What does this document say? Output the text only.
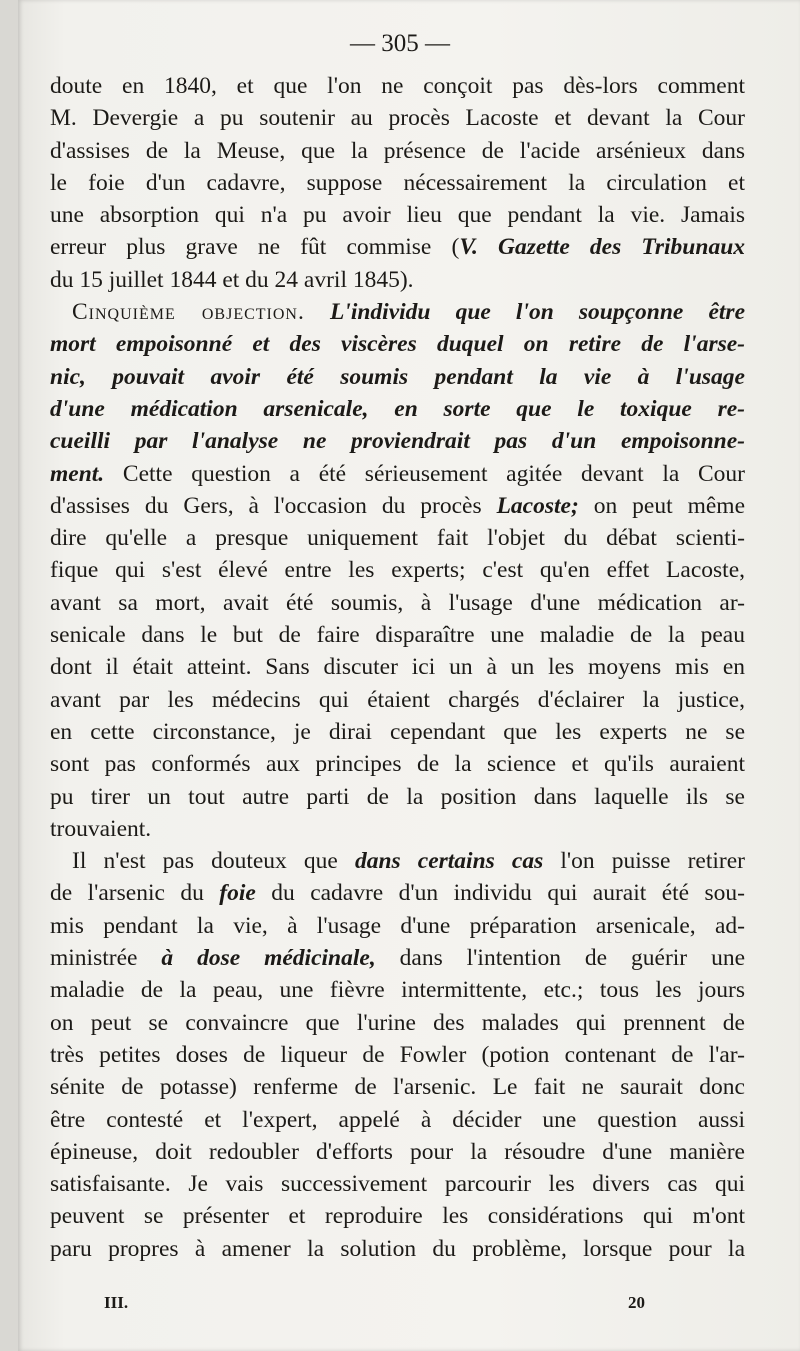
— 305 —
doute en 1840, et que l'on ne conçoit pas dès-lors comment
M. Devergie a pu soutenir au procès Lacoste et devant la Cour
d'assises de la Meuse, que la présence de l'acide arsénieux dans
le foie d'un cadavre, suppose nécessairement la circulation et
une absorption qui n'a pu avoir lieu que pendant la vie. Jamais
erreur plus grave ne fût commise (V. Gazette des Tribunaux
du 15 juillet 1844 et du 24 avril 1845).
Cinquième objection. L'individu que l'on soupçonne être
mort empoisonné et des viscères duquel on retire de l'arse-
nic, pouvait avoir été soumis pendant la vie à l'usage
d'une médication arsenicale, en sorte que le toxique re-
cueilli par l'analyse ne proviendrait pas d'un empoisonne-
ment. Cette question a été sérieusement agitée devant la Cour
d'assises du Gers, à l'occasion du procès Lacoste; on peut même
dire qu'elle a presque uniquement fait l'objet du débat scienti-
fique qui s'est élevé entre les experts; c'est qu'en effet Lacoste,
avant sa mort, avait été soumis, à l'usage d'une médication ar-
senicale dans le but de faire disparaître une maladie de la peau
dont il était atteint. Sans discuter ici un à un les moyens mis en
avant par les médecins qui étaient chargés d'éclairer la justice,
en cette circonstance, je dirai cependant que les experts ne se
sont pas conformés aux principes de la science et qu'ils auraient
pu tirer un tout autre parti de la position dans laquelle ils se
trouvaient.
Il n'est pas douteux que dans certains cas l'on puisse retirer
de l'arsenic du foie du cadavre d'un individu qui aurait été sou-
mis pendant la vie, à l'usage d'une préparation arsenicale, ad-
ministrée à dose médicinale, dans l'intention de guérir une
maladie de la peau, une fièvre intermittente, etc.; tous les jours
on peut se convaincre que l'urine des malades qui prennent de
très petites doses de liqueur de Fowler (potion contenant de l'ar-
sénite de potasse) renferme de l'arsenic. Le fait ne saurait donc
être contesté et l'expert, appelé à décider une question aussi
épineuse, doit redoubler d'efforts pour la résoudre d'une manière
satisfaisante. Je vais successivement parcourir les divers cas qui
peuvent se présenter et reproduire les considérations qui m'ont
paru propres à amener la solution du problème, lorsque pour la
III.	20
